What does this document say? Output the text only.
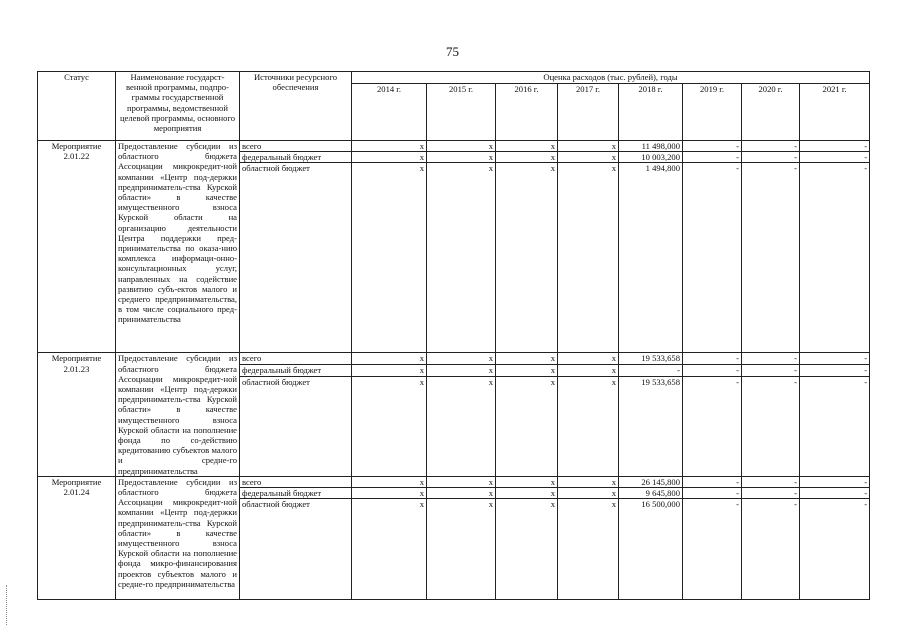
75
Статус	Наименование государст-венной программы, подпро-граммы государственной программы, ведомственной целевой программы, основного мероприятия	Источники ресурсного обеспечения	Оценка расходов (тыс. рублей), годы							
			2014 г.	2015 г.	2016 г.	2017 г.	2018 г.	2019 г.	2020 г.	2021 г.
Мероприятие 2.01.22	Предоставление субсидии из областного бюджета Ассоциации микрокредит-ной компании «Центр под-держки предприниматель-ства Курской области» в качестве имущественного взноса Курской области на организацию деятельности Центра поддержки пред-принимательства по оказа-нию комплекса информаци-онно-консультационных услуг, направленных на содействие развитию субъ-ектов малого и среднего предпринимательства, в том числе социального пред-принимательства	всего	x	x	x	x	11 498,000	-	-	-
		федеральный бюджет	x	x	x	x	10 003,200	-	-	-
		областной бюджет	x	x	x	x	1 494,800	-	-	-
Мероприятие 2.01.23	Предоставление субсидии из областного бюджета Ассоциации микрокредит-ной компании «Центр под-держки предприниматель-ства Курской области» в качестве имущественного взноса Курской области на пополнение фонда по со-действию кредитованию субъектов малого и средне-го предпринимательства	всего	x	x	x	x	19 533,658	-	-	-
		федеральный бюджет	x	x	x	x	-	-	-	-
		областной бюджет	x	x	x	x	19 533,658	-	-	-
Мероприятие 2.01.24	Предоставление субсидии из областного бюджета Ассоциации микрокредит-ной компании «Центр под-держки предприниматель-ства Курской области» в качестве имущественного взноса Курской области на пополнение фонда микро-финансирования проектов субъектов малого и средне-го предпринимательства	всего	x	x	x	x	26 145,800	-	-	-
		федеральный бюджет	x	x	x	x	9 645,800	-	-	-
		областной бюджет	x	x	x	x	16 500,000	-	-	-
